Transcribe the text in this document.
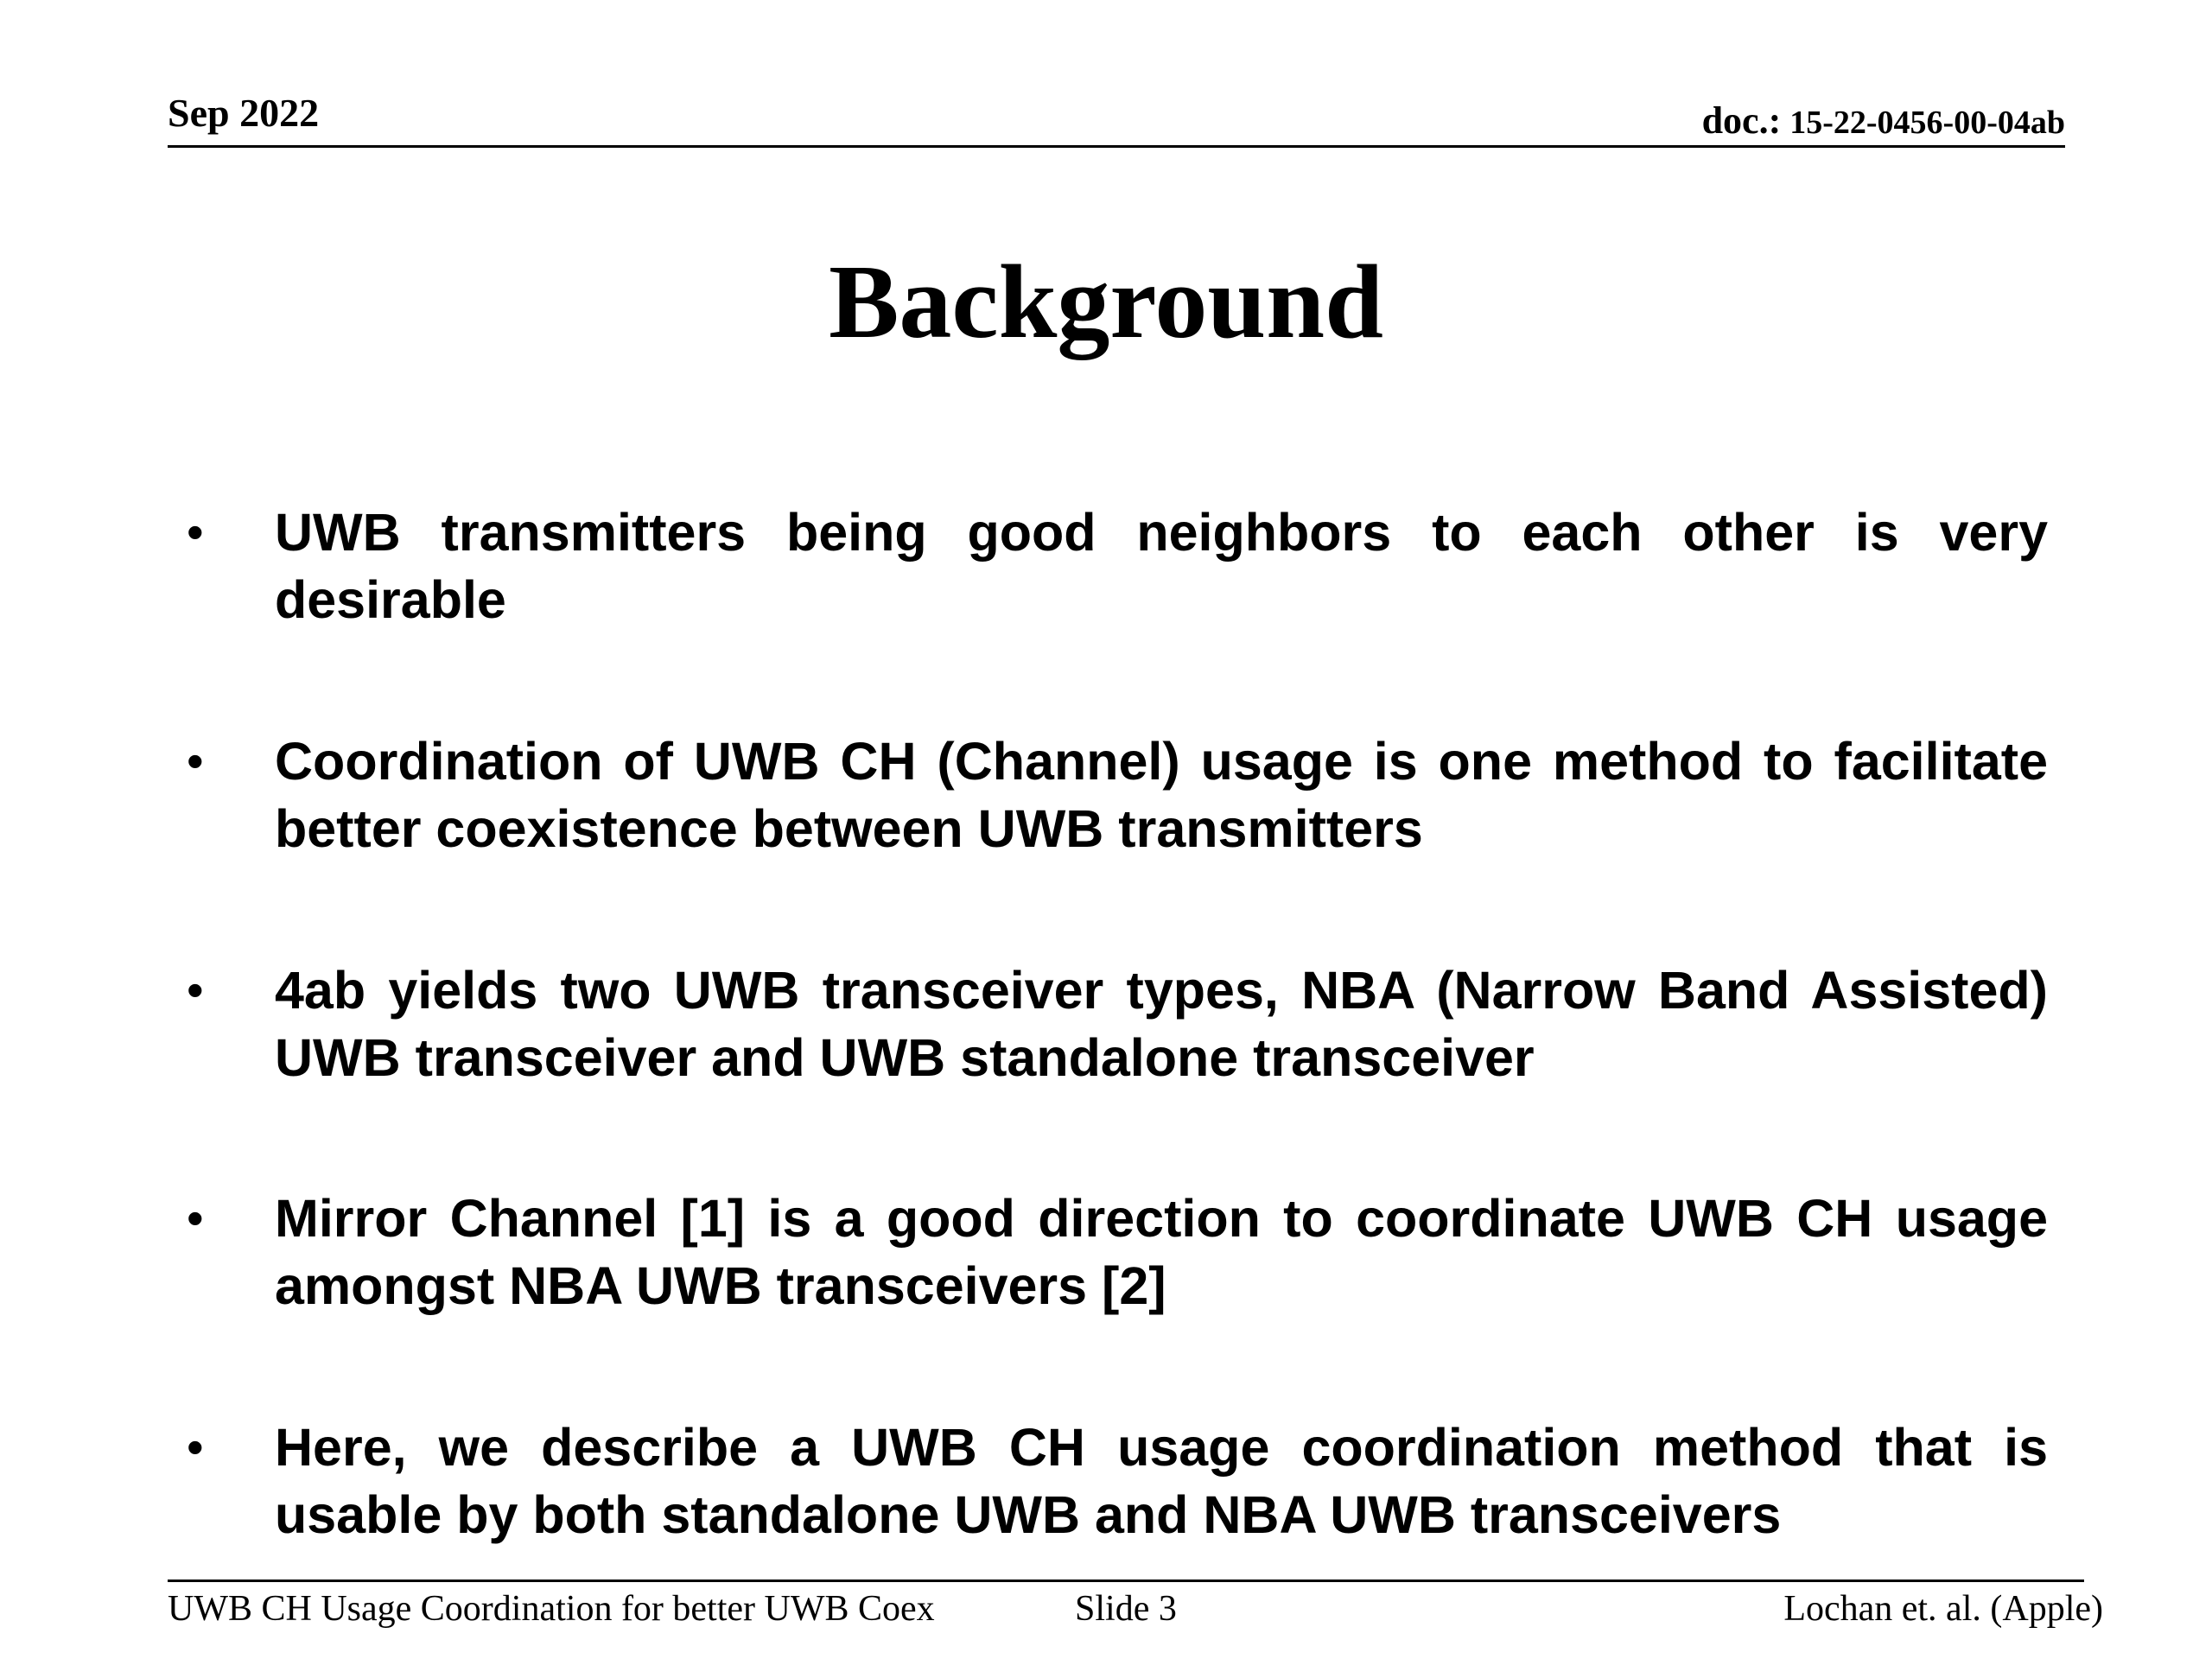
Sep 2022	doc.: 15-22-0456-00-04ab
Background
• UWB transmitters being good neighbors to each other is very desirable
• Coordination of UWB CH (Channel) usage is one method to facilitate better coexistence between UWB transmitters
• 4ab yields two UWB transceiver types, NBA (Narrow Band Assisted) UWB transceiver and UWB standalone transceiver
• Mirror Channel [1] is a good direction to coordinate UWB CH usage amongst NBA UWB transceivers [2]
• Here, we describe a UWB CH usage coordination method that is usable by both standalone UWB and NBA UWB transceivers
UWB CH Usage Coordination for better UWB Coex	Slide 3	Lochan et. al. (Apple)
